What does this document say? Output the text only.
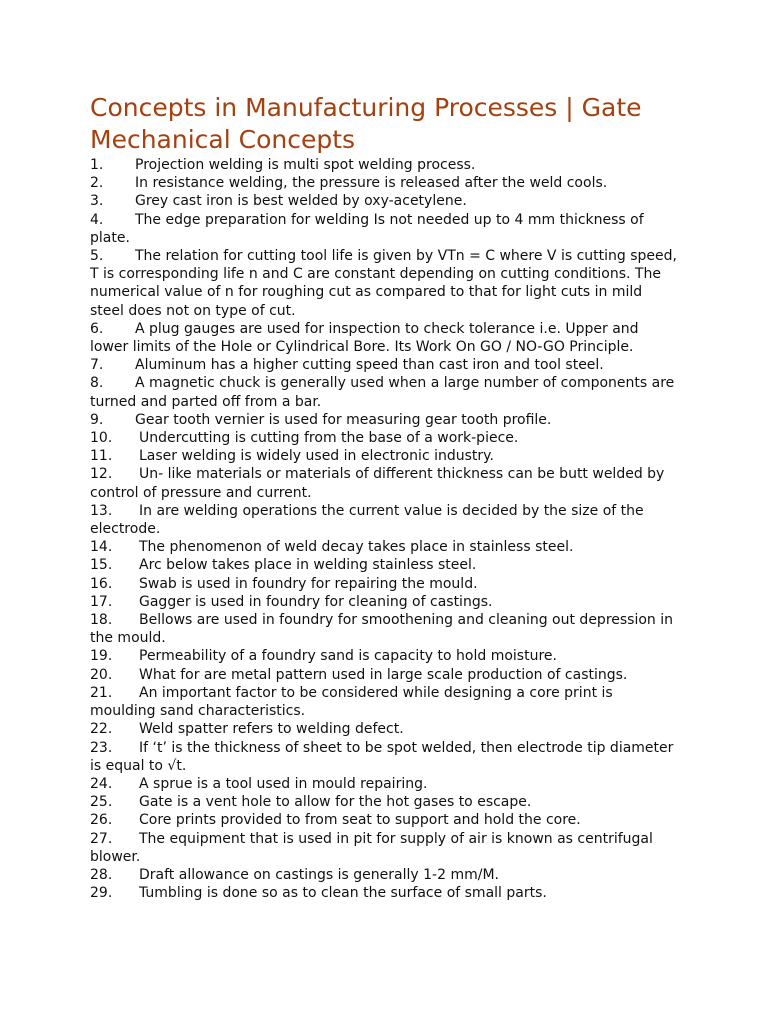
Concepts in Manufacturing Processes | Gate Mechanical Concepts
1. Projection welding is multi spot welding process.
2. In resistance welding, the pressure is released after the weld cools.
3. Grey cast iron is best welded by oxy-acetylene.
4. The edge preparation for welding Is not needed up to 4 mm thickness of plate.
5. The relation for cutting tool life is given by VTn = C where V is cutting speed, T is corresponding life n and C are constant depending on cutting conditions. The numerical value of n for roughing cut as compared to that for light cuts in mild steel does not on type of cut.
6. A plug gauges are used for inspection to check tolerance i.e. Upper and lower limits of the Hole or Cylindrical Bore. Its Work On GO / NO-GO Principle.
7. Aluminum has a higher cutting speed than cast iron and tool steel.
8. A magnetic chuck is generally used when a large number of components are turned and parted off from a bar.
9. Gear tooth vernier is used for measuring gear tooth profile.
10. Undercutting is cutting from the base of a work-piece.
11. Laser welding is widely used in electronic industry.
12. Un- like materials or materials of different thickness can be butt welded by control of pressure and current.
13. In are welding operations the current value is decided by the size of the electrode.
14. The phenomenon of weld decay takes place in stainless steel.
15. Arc below takes place in welding stainless steel.
16. Swab is used in foundry for repairing the mould.
17. Gagger is used in foundry for cleaning of castings.
18. Bellows are used in foundry for smoothening and cleaning out depression in the mould.
19. Permeability of a foundry sand is capacity to hold moisture.
20. What for are metal pattern used in large scale production of castings.
21. An important factor to be considered while designing a core print is moulding sand characteristics.
22. Weld spatter refers to welding defect.
23. If ‘t’ is the thickness of sheet to be spot welded, then electrode tip diameter is equal to √t.
24. A sprue is a tool used in mould repairing.
25. Gate is a vent hole to allow for the hot gases to escape.
26. Core prints provided to from seat to support and hold the core.
27. The equipment that is used in pit for supply of air is known as centrifugal blower.
28. Draft allowance on castings is generally 1-2 mm/M.
29. Tumbling is done so as to clean the surface of small parts.
